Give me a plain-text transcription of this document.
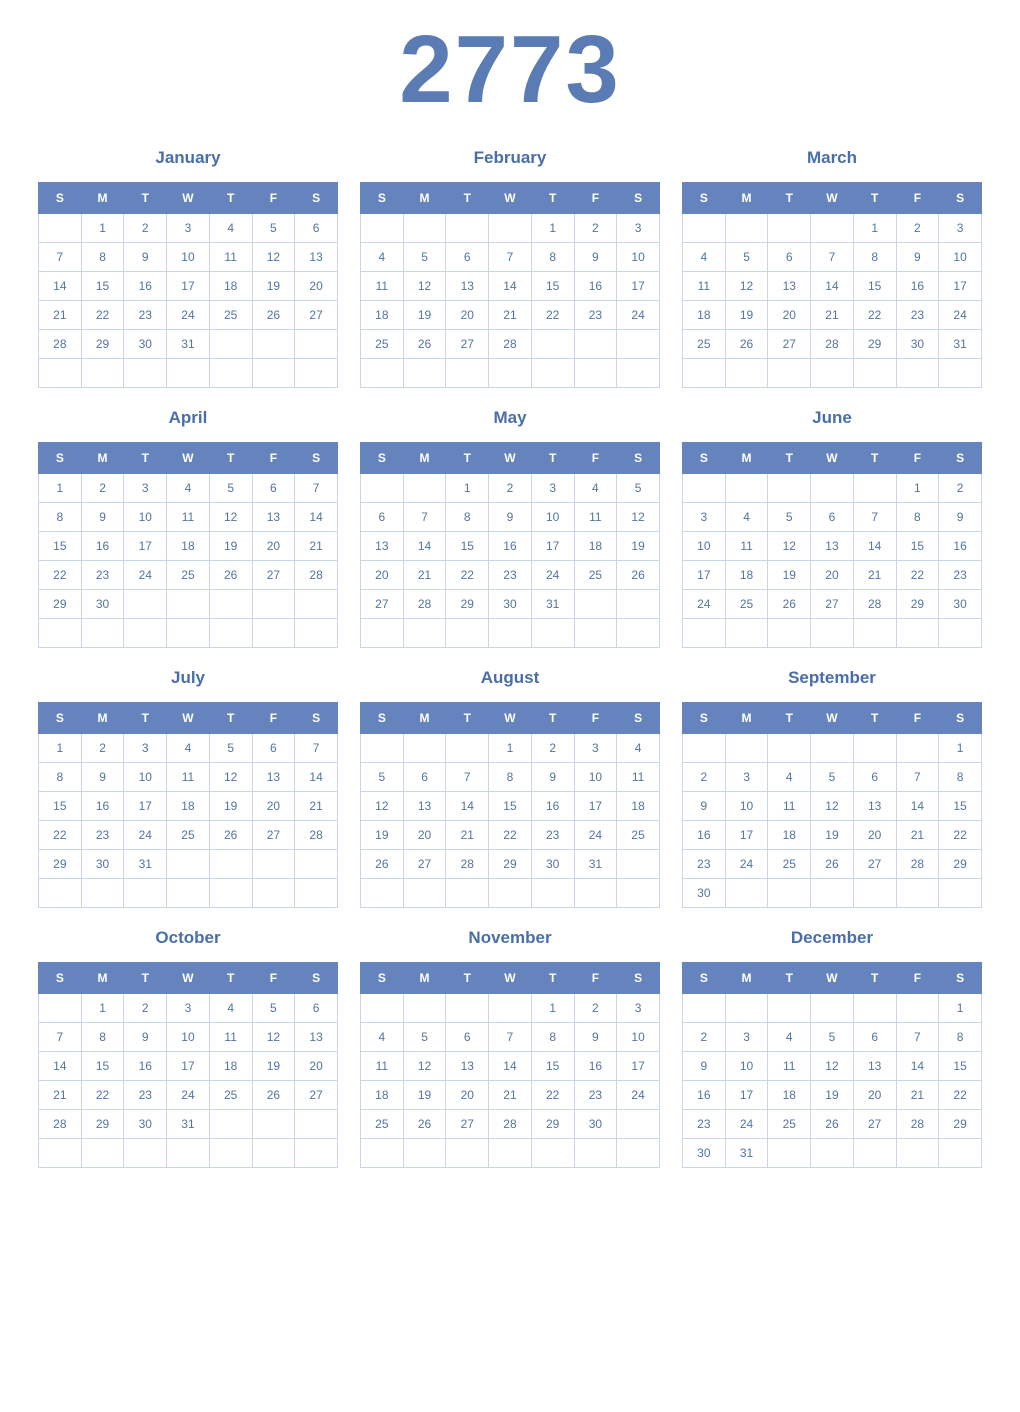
2773
January
S	M	T	W	T	F	S
	1	2	3	4	5	6
7	8	9	10	11	12	13
14	15	16	17	18	19	20
21	22	23	24	25	26	27
28	29	30	31			

February
S	M	T	W	T	F	S
				1	2	3
4	5	6	7	8	9	10
11	12	13	14	15	16	17
18	19	20	21	22	23	24
25	26	27	28			

March
S	M	T	W	T	F	S
				1	2	3
4	5	6	7	8	9	10
11	12	13	14	15	16	17
18	19	20	21	22	23	24
25	26	27	28	29	30	31

April
S	M	T	W	T	F	S
1	2	3	4	5	6	7
8	9	10	11	12	13	14
15	16	17	18	19	20	21
22	23	24	25	26	27	28
29	30					

May
S	M	T	W	T	F	S
		1	2	3	4	5
6	7	8	9	10	11	12
13	14	15	16	17	18	19
20	21	22	23	24	25	26
27	28	29	30	31		

June
S	M	T	W	T	F	S
					1	2
3	4	5	6	7	8	9
10	11	12	13	14	15	16
17	18	19	20	21	22	23
24	25	26	27	28	29	30

July
S	M	T	W	T	F	S
1	2	3	4	5	6	7
8	9	10	11	12	13	14
15	16	17	18	19	20	21
22	23	24	25	26	27	28
29	30	31				

August
S	M	T	W	T	F	S
			1	2	3	4
5	6	7	8	9	10	11
12	13	14	15	16	17	18
19	20	21	22	23	24	25
26	27	28	29	30	31	

September
S	M	T	W	T	F	S
						1
2	3	4	5	6	7	8
9	10	11	12	13	14	15
16	17	18	19	20	21	22
23	24	25	26	27	28	29
30						
October
S	M	T	W	T	F	S
	1	2	3	4	5	6
7	8	9	10	11	12	13
14	15	16	17	18	19	20
21	22	23	24	25	26	27
28	29	30	31			

November
S	M	T	W	T	F	S
				1	2	3
4	5	6	7	8	9	10
11	12	13	14	15	16	17
18	19	20	21	22	23	24
25	26	27	28	29	30	

December
S	M	T	W	T	F	S
						1
2	3	4	5	6	7	8
9	10	11	12	13	14	15
16	17	18	19	20	21	22
23	24	25	26	27	28	29
30	31					
